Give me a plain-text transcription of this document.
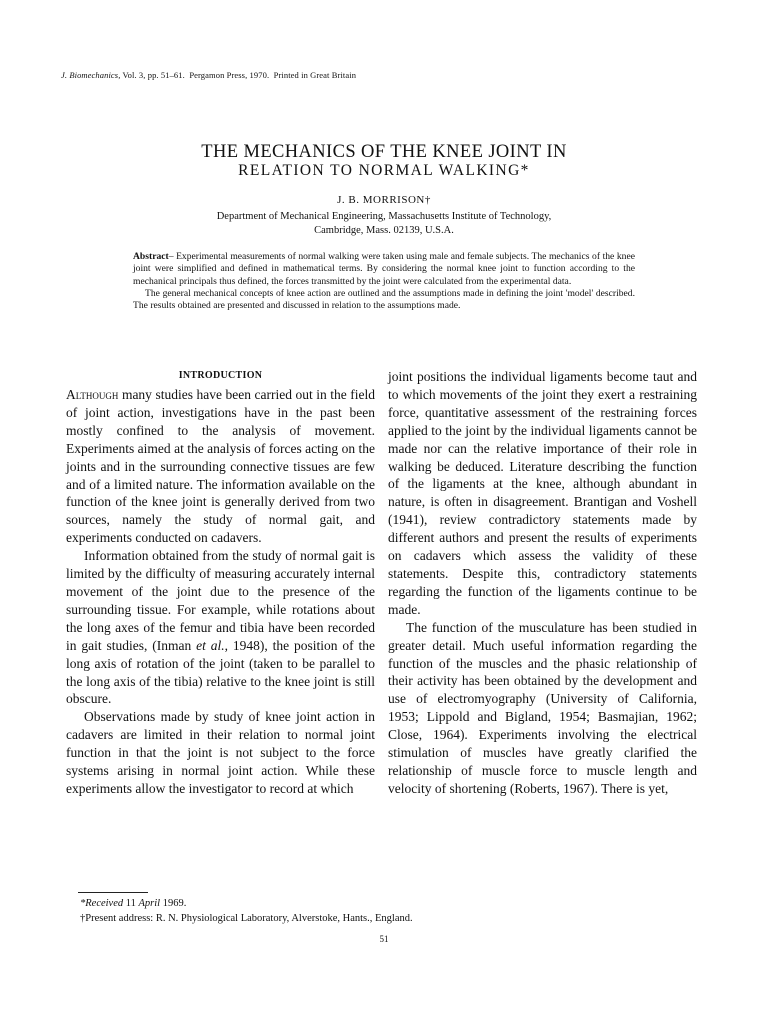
J. Biomechanics, Vol. 3, pp. 51–61. Pergamon Press, 1970. Printed in Great Britain
THE MECHANICS OF THE KNEE JOINT IN
RELATION TO NORMAL WALKING*
J. B. MORRISON†
Department of Mechanical Engineering, Massachusetts Institute of Technology,
Cambridge, Mass. 02139, U.S.A.

Abstract– Experimental measurements of normal walking were taken using male and female subjects. The mechanics of the knee joint were simplified and defined in mathematical terms. By considering the normal knee joint to function according to the mechanical principals thus defined, the forces transmitted by the joint were calculated from the experimental data.

The general mechanical concepts of knee action are outlined and the assumptions made in defining the joint 'model' described. The results obtained are presented and discussed in relation to the assumptions made.

INTRODUCTION

Although many studies have been carried out in the field of joint action, investigations have in the past been mostly confined to the analysis of movement. Experiments aimed at the analysis of forces acting on the joints and in the surrounding connective tissues are few and of a limited nature. The information available on the function of the knee joint is generally derived from two sources, namely the study of normal gait, and experiments conducted on cadavers.

Information obtained from the study of normal gait is limited by the difficulty of measuring accurately internal movement of the joint due to the presence of the surrounding tissue. For example, while rotations about the long axes of the femur and tibia have been recorded in gait studies, (Inman et al., 1948), the position of the long axis of rotation of the joint (taken to be parallel to the long axis of the tibia) relative to the knee joint is still obscure.

Observations made by study of knee joint action in cadavers are limited in their relation to normal joint function in that the joint is not subject to the force systems arising in normal joint action. While these experiments allow the investigator to record at which

joint positions the individual ligaments become taut and to which movements of the joint they exert a restraining force, quantitative assessment of the restraining forces applied to the joint by the individual ligaments cannot be made nor can the relative importance of their role in walking be deduced. Literature describing the function of the ligaments at the knee, although abundant in nature, is often in disagreement. Brantigan and Voshell (1941), review contradictory statements made by different authors and present the results of experiments on cadavers which assess the validity of these statements. Despite this, contradictory statements regarding the function of the ligaments continue to be made.

The function of the musculature has been studied in greater detail. Much useful information regarding the function of the muscles and the phasic relationship of their activity has been obtained by the development and use of electromyography (University of California, 1953; Lippold and Bigland, 1954; Basmajian, 1962; Close, 1964). Experiments involving the electrical stimulation of muscles have greatly clarified the relationship of muscle force to muscle length and velocity of shortening (Roberts, 1967). There is yet,

*Received 11 April 1969.

†Present address: R. N. Physiological Laboratory, Alverstoke, Hants., England.

51
